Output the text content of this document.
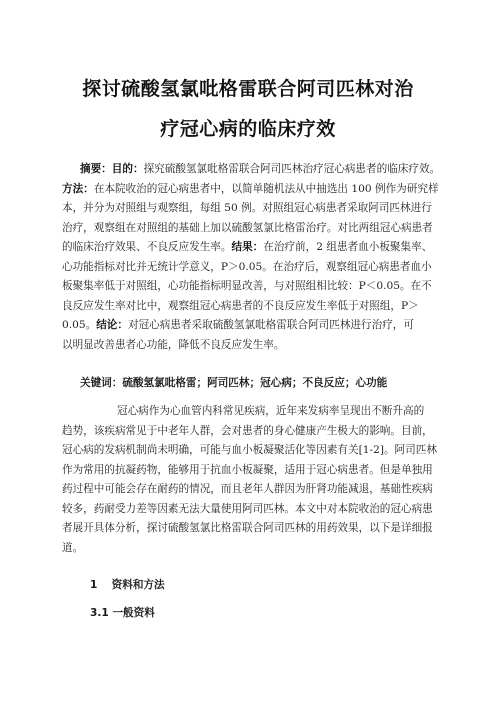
探讨硫酸氢氯吡格雷联合阿司匹林对治
疗冠心病的临床疗效
摘要：目的：探究硫酸氢氯吡格雷联合阿司匹林治疗冠心病患者的临床疗效。
方法：在本院收治的冠心病患者中，以简单随机法从中抽选出 100 例作为研究样
本，并分为对照组与观察组，每组 50 例。对照组冠心病患者采取阿司匹林进行
治疗，观察组在对照组的基础上加以硫酸氢氯比格雷治疗。对比两组冠心病患者
的临床治疗效果、不良反应发生率。结果：在治疗前，2 组患者血小板聚集率、
心功能指标对比并无统计学意义，P＞0.05。在治疗后，观察组冠心病患者血小
板聚集率低于对照组，心功能指标明显改善，与对照组相比较：P＜0.05。在不
良反应发生率对比中，观察组冠心病患者的不良反应发生率低于对照组，P＞
0.05。结论：对冠心病患者采取硫酸氢氯吡格雷联合阿司匹林进行治疗，可
以明显改善患者心功能，降低不良反应发生率。
关键词：硫酸氢氯吡格雷；阿司匹林；冠心病；不良反应；心功能
冠心病作为心血管内科常见疾病，近年来发病率呈现出不断升高的
趋势，该疾病常见于中老年人群，会对患者的身心健康产生极大的影响。目前，
冠心病的发病机制尚未明确，可能与血小板凝聚活化等因素有关[1-2]。阿司匹林
作为常用的抗凝药物，能够用于抗血小板凝聚，适用于冠心病患者。但是单独用
药过程中可能会存在耐药的情况，而且老年人群因为肝肾功能减退，基础性疾病
较多，药耐受力差等因素无法大量使用阿司匹林。本文中对本院收治的冠心病患
者展开具体分析，探讨硫酸氢氯比格雷联合阿司匹林的用药效果，以下是详细报
道。
1　 资料和方法
3.1 一般资料
